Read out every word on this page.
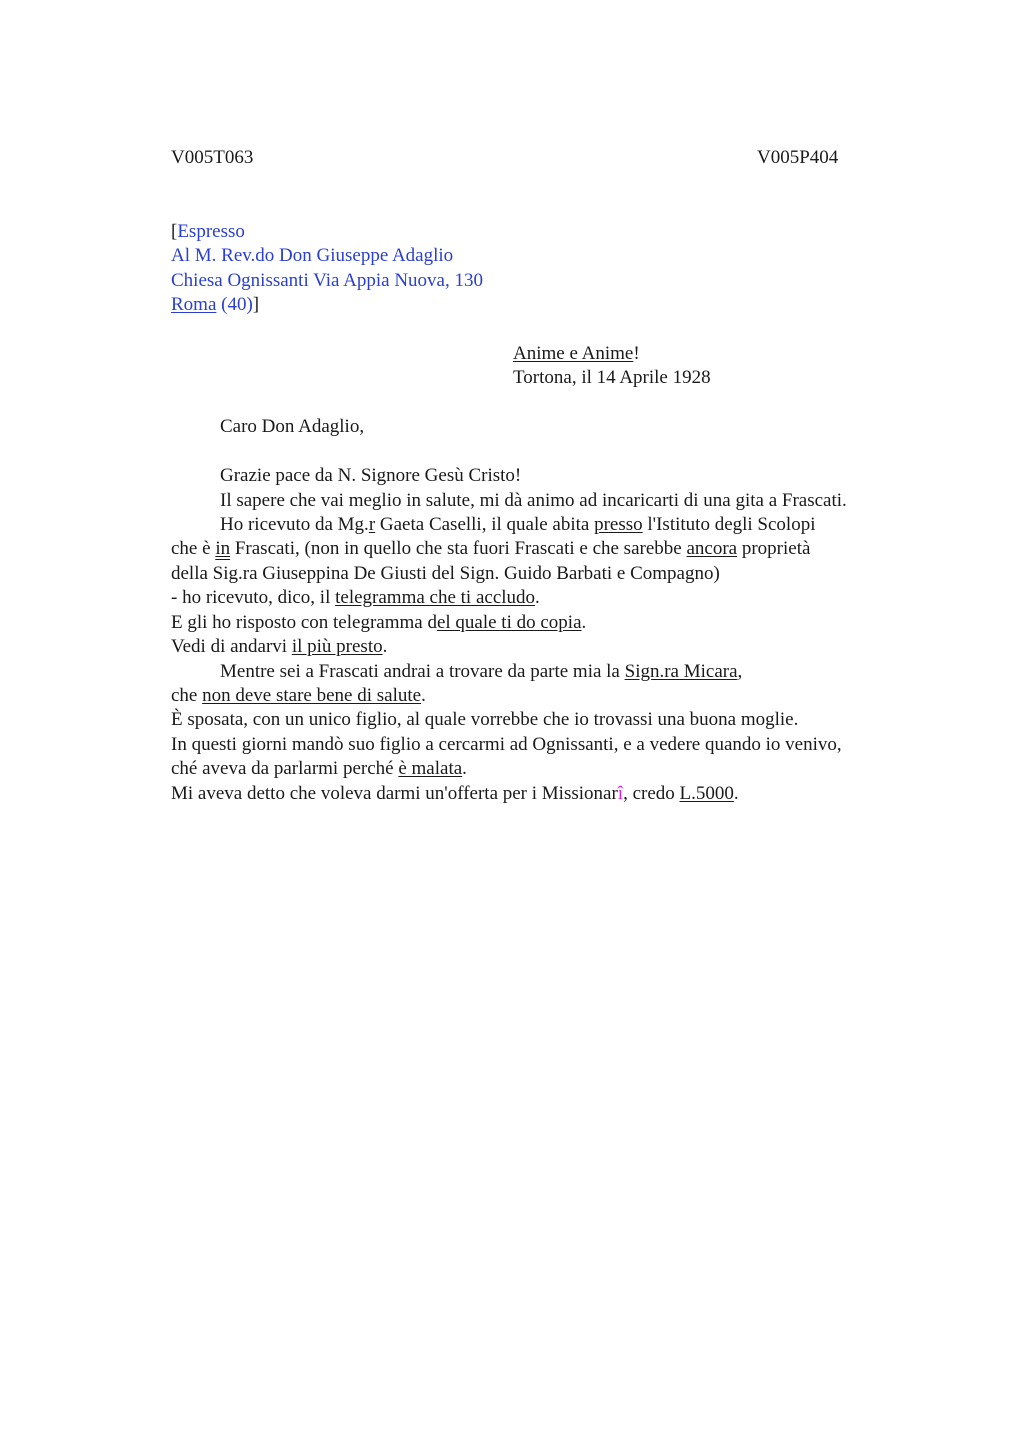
V005T063	V005P404
[Espresso
Al M. Rev.do Don Giuseppe Adaglio
Chiesa Ognissanti Via Appia Nuova, 130
Roma (40)]
Anime e Anime!
Tortona, il 14 Aprile 1928
Caro Don Adaglio,
Grazie pace da N. Signore Gesù Cristo!
Il sapere che vai meglio in salute, mi dà animo ad incaricarti di una gita a Frascati.
Ho ricevuto da Mg.r Gaeta Caselli, il quale abita presso l'Istituto degli Scolopi
che è in Frascati, (non in quello che sta fuori Frascati e che sarebbe ancora proprietà
della Sig.ra Giuseppina De Giusti del Sign. Guido Barbati e Compagno)
- ho ricevuto, dico, il telegramma che ti accludo.
E gli ho risposto con telegramma del quale ti do copia.
Vedi di andarvi il più presto.
Mentre sei a Frascati andrai a trovare da parte mia la Sign.ra Micara,
che non deve stare bene di salute.
È sposata, con un unico figlio, al quale vorrebbe che io trovassi una buona moglie.
In questi giorni mandò suo figlio a cercarmi ad Ognissanti, e a vedere quando io venivo,
ché aveva da parlarmi perché è malata.
Mi aveva detto che voleva darmi un'offerta per i Missionarî, credo L.5000.
